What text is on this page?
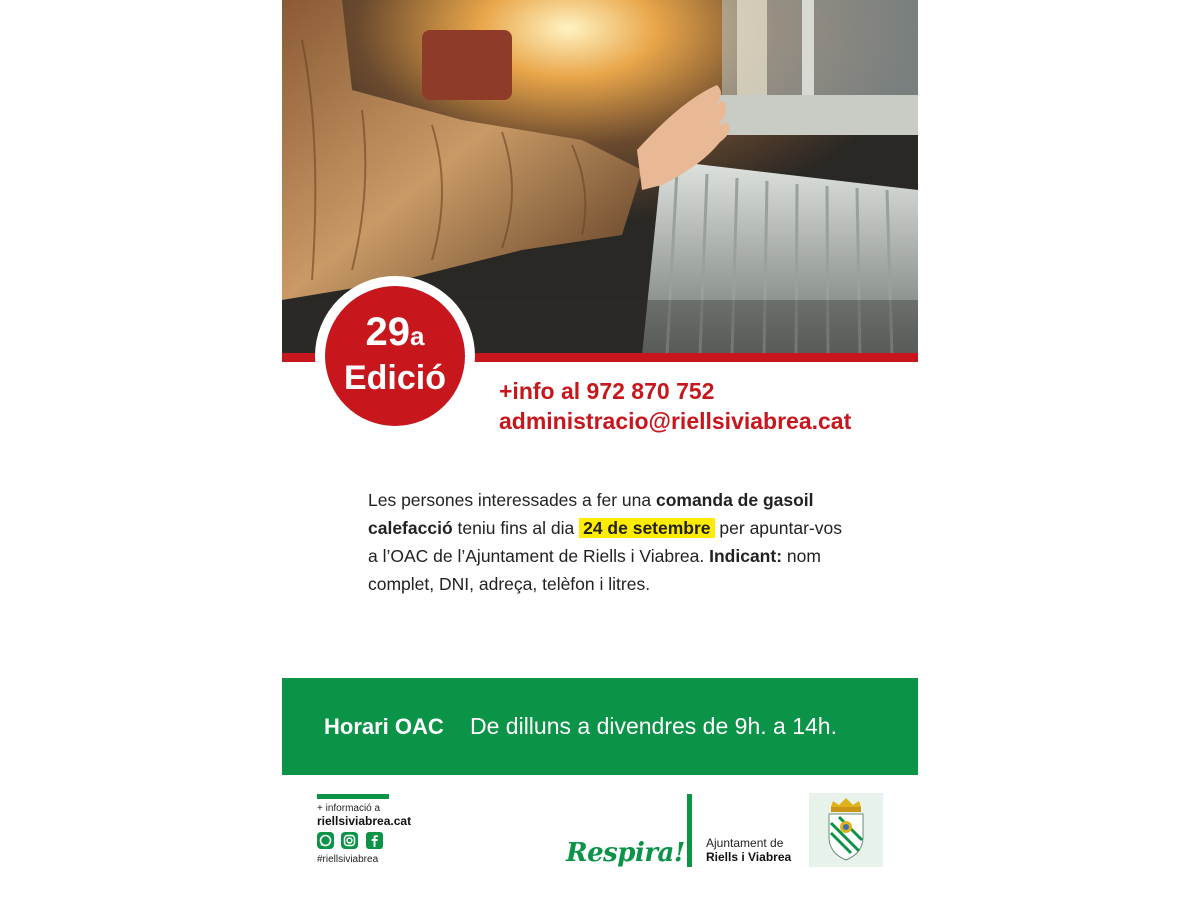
29a
Edició	+info al 972 870 752
administracio@riellsiviabrea.cat
Les persones interessades a fer una comanda de gasoil calefacció teniu fins al dia 24 de setembre per apuntar-vos a l’OAC de l’Ajuntament de Riells i Viabrea. Indicant: nom complet, DNI, adreça, telèfon i litres.
Horari OAC De dilluns a divendres de 9h. a 14h.
+ informació a
riellsiviabrea.cat

#riellsiviabrea	Respira! Ajuntament de
Riells i Viabrea
